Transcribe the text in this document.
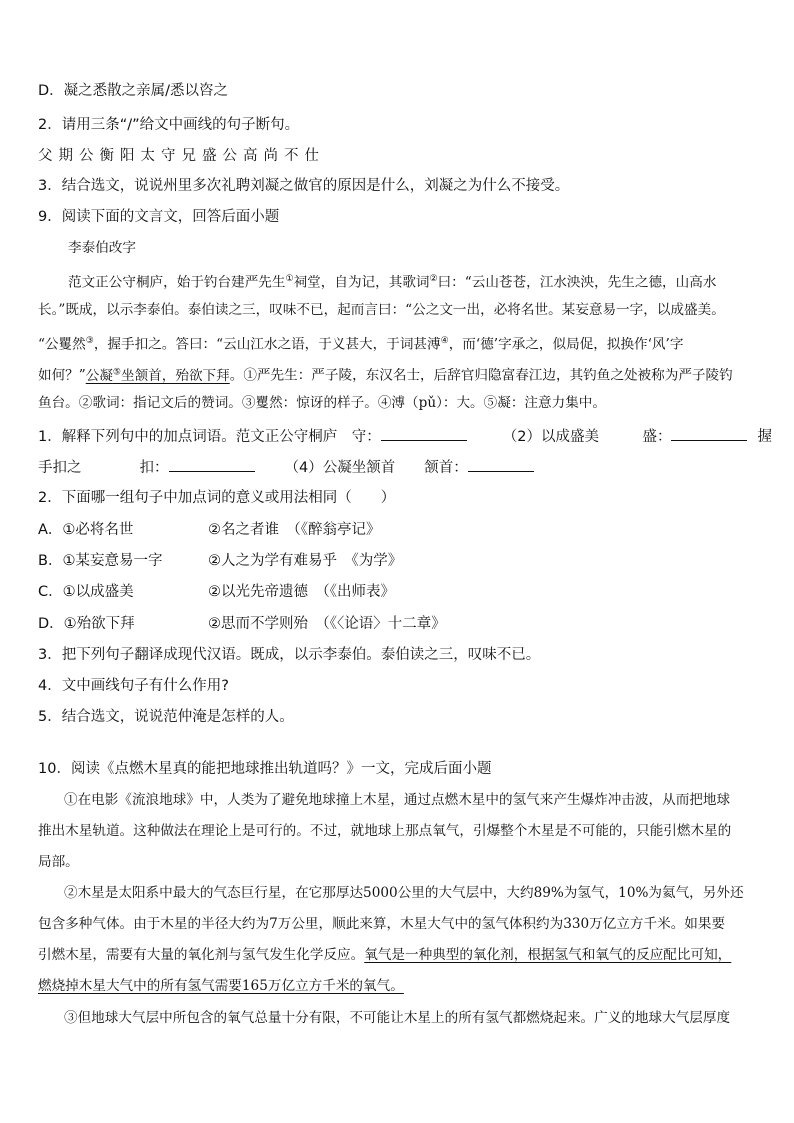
D．凝之悉散之亲属/悉以咨之
2．请用三条“/”给文中画线的句子断句。
父期公衡阳太守兄盛公高尚不仕
3．结合选文，说说州里多次礼聘刘凝之做官的原因是什么，刘凝之为什么不接受。
9．阅读下面的文言文，回答后面小题
李泰伯改字
范文正公守桐庐，始于钓台建严先生①祠堂，自为记，其歌词②曰：“云山苍苍，江水泱泱，先生之德，山高水
长。”既成，以示李泰伯。泰伯读之三，叹味不已，起而言曰：“公之文一出，必将名世。某妄意易一字，以成盛美。
“公矍然③，握手扣之。答曰：“云山江水之语，于义甚大，于词甚溥④，而‘德’字承之，似局促，拟换作‘风’字
如何？”公凝⑤坐颔首，殆欲下拜。①严先生：严子陵，东汉名士，后辞官归隐富春江边，其钓鱼之处被称为严子陵钓
鱼台。②歌词：指记文后的赞词。③矍然：惊讶的样子。④溥（pǔ）：大。⑤凝：注意力集中。
1．解释下列句中的加点词语。范文正公守桐庐　守：	（2）以成盛美　　　盛：	握
手扣之　　　　扣：	（4）公凝坐颔首　　颔首：
2．下面哪一组句子中加点词的意义或用法相同（　　）
A．①必将名世	②名之者谁　（《醉翁亭记》
B．①某妄意易一字	②人之为学有难易乎　《为学》
C．①以成盛美	②以光先帝遗德　（《出师表》
D．①殆欲下拜	②思而不学则殆　（《〈论语〉十二章》
3．把下列句子翻译成现代汉语。既成，以示李泰伯。泰伯读之三，叹味不已。
4．文中画线句子有什么作用?
5．结合选文，说说范仲淹是怎样的人。
10．阅读《点燃木星真的能把地球推出轨道吗？》一文，完成后面小题
①在电影《流浪地球》中，人类为了避免地球撞上木星，通过点燃木星中的氢气来产生爆炸冲击波，从而把地球
推出木星轨道。这种做法在理论上是可行的。不过，就地球上那点氧气，引爆整个木星是不可能的，只能引燃木星的
局部。
②木星是太阳系中最大的气态巨行星，在它那厚达5000公里的大气层中，大约89%为氢气，10%为氦气，另外还
包含多种气体。由于木星的半径大约为7万公里，顺此来算，木星大气中的氢气体积约为330万亿立方千米。如果要
引燃木星，需要有大量的氧化剂与氢气发生化学反应。氧气是一种典型的氧化剂，根据氢气和氧气的反应配比可知，
燃烧掉木星大气中的所有氢气需要165万亿立方千米的氧气。
③但地球大气层中所包含的氧气总量十分有限，不可能让木星上的所有氢气都燃烧起来。广义的地球大气层厚度
